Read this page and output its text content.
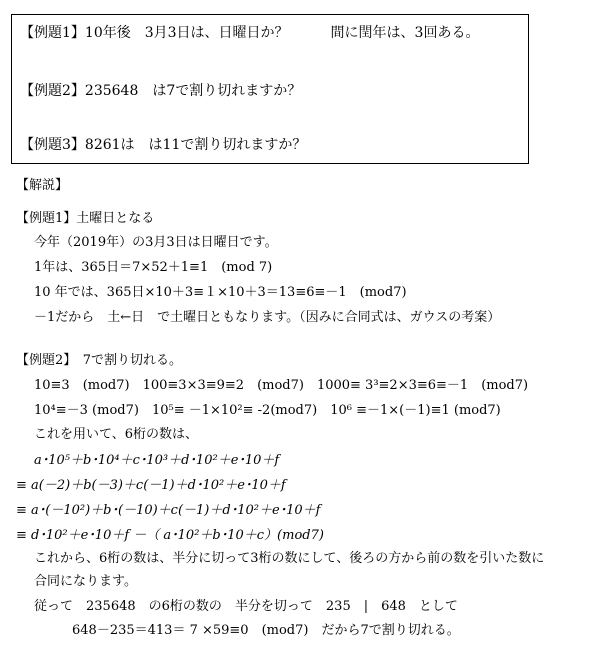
【例題1】10年後　3月3日は、日曜日か？　　　間に閏年は、3回ある。
【例題2】235648　は7で割り切れますか？
【例題3】8261は　は11で割り切れますか？
【解説】
【例題1】土曜日となる
今年（2019年）の3月3日は日曜日です。
1年は、365日＝7×52＋1≡1　(mod 7)
10 年では、365日×10＋3≡１×10＋3＝13≡6≡－1　(mod7)
－1だから　土←日　で土曜日ともなります。（因みに合同式は、ガウスの考案）
【例題2】　7で割り切れる。
10≡3　(mod7)　100≡3×3≡9≡2　(mod7)　1000≡ 3³≡2×3≡6≡－1　(mod7)
10⁴≡－3 (mod7)　10⁵≡ －1×10²≡ -2(mod7)　10⁶ ≡－1×(－1)≡1 (mod7)
これを用いて、6桁の数は、
a･10⁵＋b･10⁴＋c･10³＋d･10²＋e･10＋f
≡ a(－2)＋b(－3)＋c(－1)＋d･10²＋e･10＋f
≡ a･(－10²)＋b･(－10)＋c(－1)＋d･10²＋e･10＋f
≡ d･10²＋e･10＋f －（ a･10²＋b･10＋c）(mod7)
これから、6桁の数は、半分に切って3桁の数にして、後ろの方から前の数を引いた数に
合同になります。
従って　235648　の6桁の数の　半分を切って　235　|　648　として
648－235＝413＝ 7 ×59≡0　(mod7)　だから7で割り切れる。
